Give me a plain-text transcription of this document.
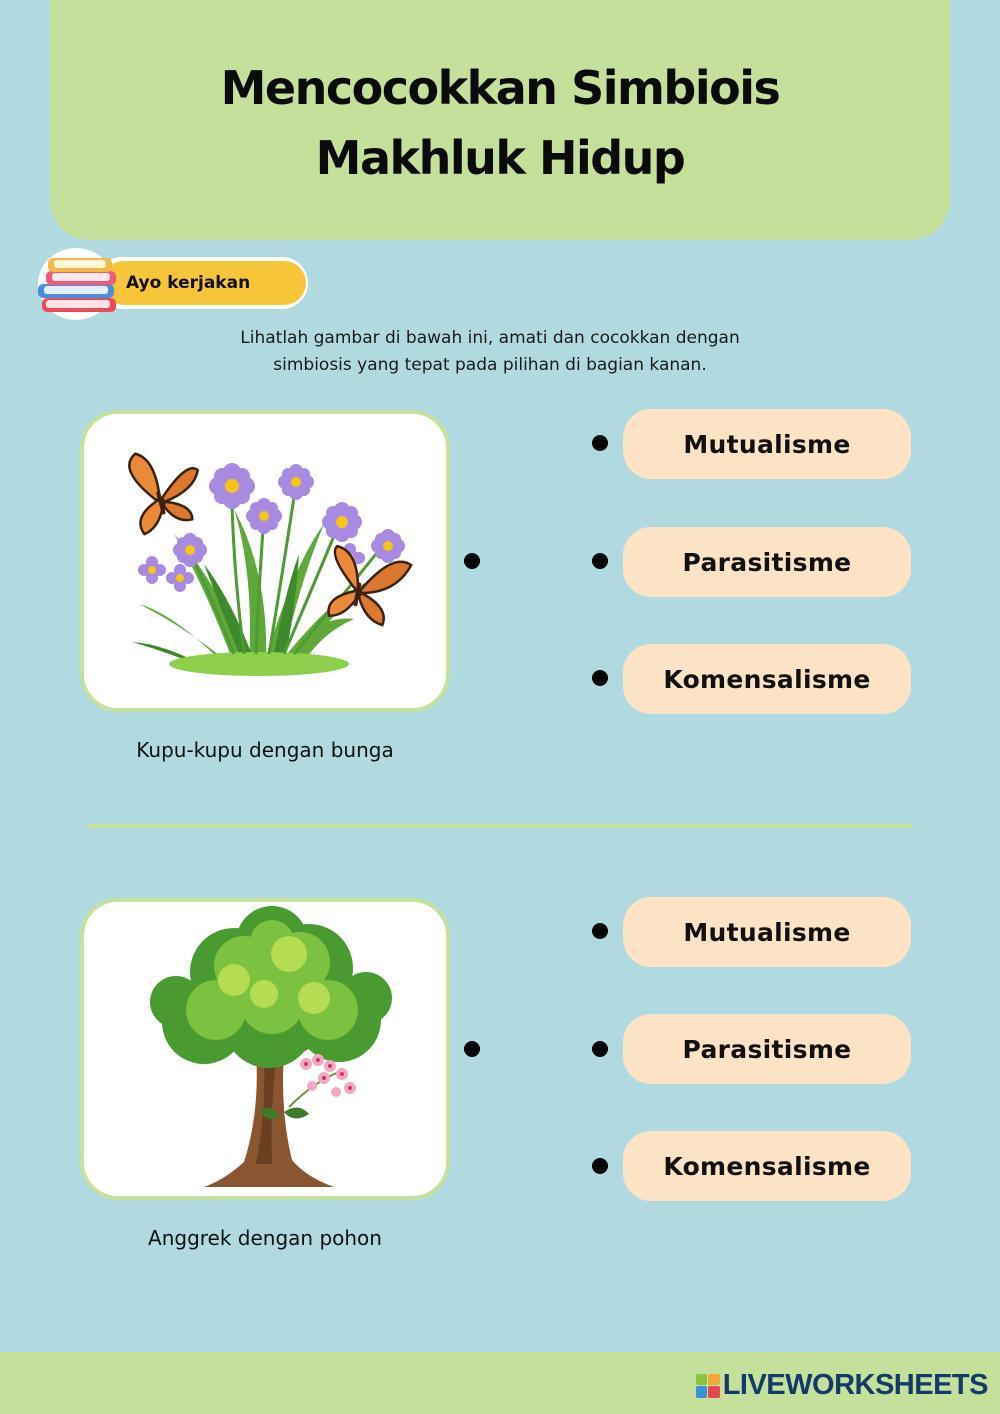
Mencocokkan Simbiois
Makhluk Hidup
Ayo kerjakan
Lihatlah gambar di bawah ini, amati dan cocokkan dengan
simbiosis yang tepat pada pilihan di bagian kanan.
Kupu-kupu dengan bunga
Mutualisme
Parasitisme
Komensalisme
Anggrek dengan pohon
Mutualisme
Parasitisme
Komensalisme
LIVEWORKSHEETS
